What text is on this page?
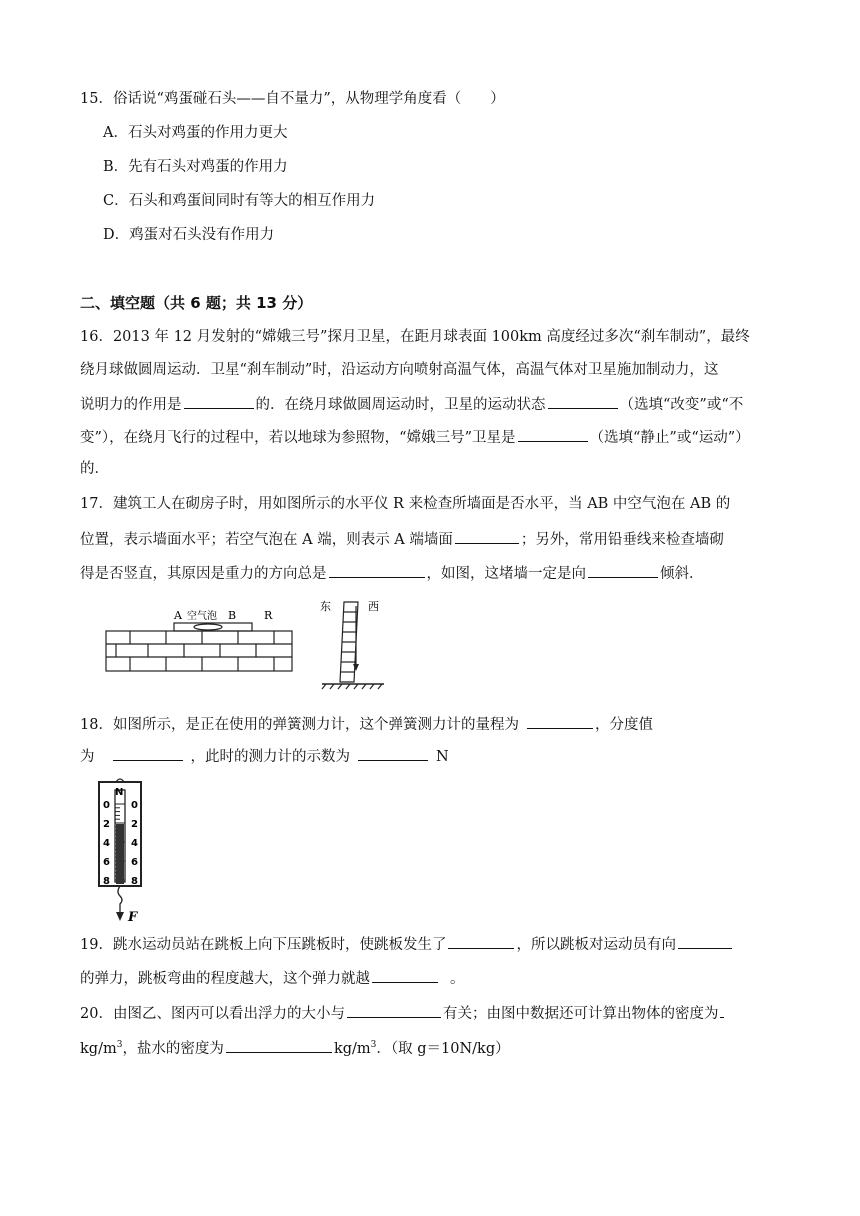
15．俗话说“鸡蛋碰石头——自不量力”，从物理学角度看（　　）
A．石头对鸡蛋的作用力更大
B．先有石头对鸡蛋的作用力
C．石头和鸡蛋间同时有等大的相互作用力
D．鸡蛋对石头没有作用力
二、填空题（共 6 题；共 13 分）
16．2013 年 12 月发射的“嫦娥三号”探月卫星，在距月球表面 100km 高度经过多次“刹车制动”，最终
绕月球做圆周运动．卫星“刹车制动”时，沿运动方向喷射高温气体，高温气体对卫星施加制动力，这
说明力的作用是	的．在绕月球做圆周运动时，卫星的运动状态	（选填“改变”或“不
变”），在绕月飞行的过程中，若以地球为参照物，“嫦娥三号”卫星是	（选填“静止”或“运动”）
的．
17．建筑工人在砌房子时，用如图所示的水平仪 R 来检查所墙面是否水平，当 AB 中空气泡在 AB 的
位置，表示墙面水平；若空气泡在 A 端，则表示 A 端墙面	；另外，常用铅垂线来检查墙砌
得是否竖直，其原因是重力的方向总是	，如图，这堵墙一定是向	倾斜．
A 空气泡 B	R
东	西
18．如图所示，是正在使用的弹簧测力计，这个弹簧测力计的量程为	，分度值
为	，此时的测力计的示数为	N
N
0 0
2 2
4 4
6 6
8 8
F
19．跳水运动员站在跳板上向下压跳板时，使跳板发生了	，所以跳板对运动员有向
的弹力，跳板弯曲的程度越大，这个弹力就越	。
20．由图乙、图丙可以看出浮力的大小与	有关；由图中数据还可计算出物体的密度为
$kg/m^3$，盐水的密度为	$kg/m^3$．（取 g＝10N/kg）
